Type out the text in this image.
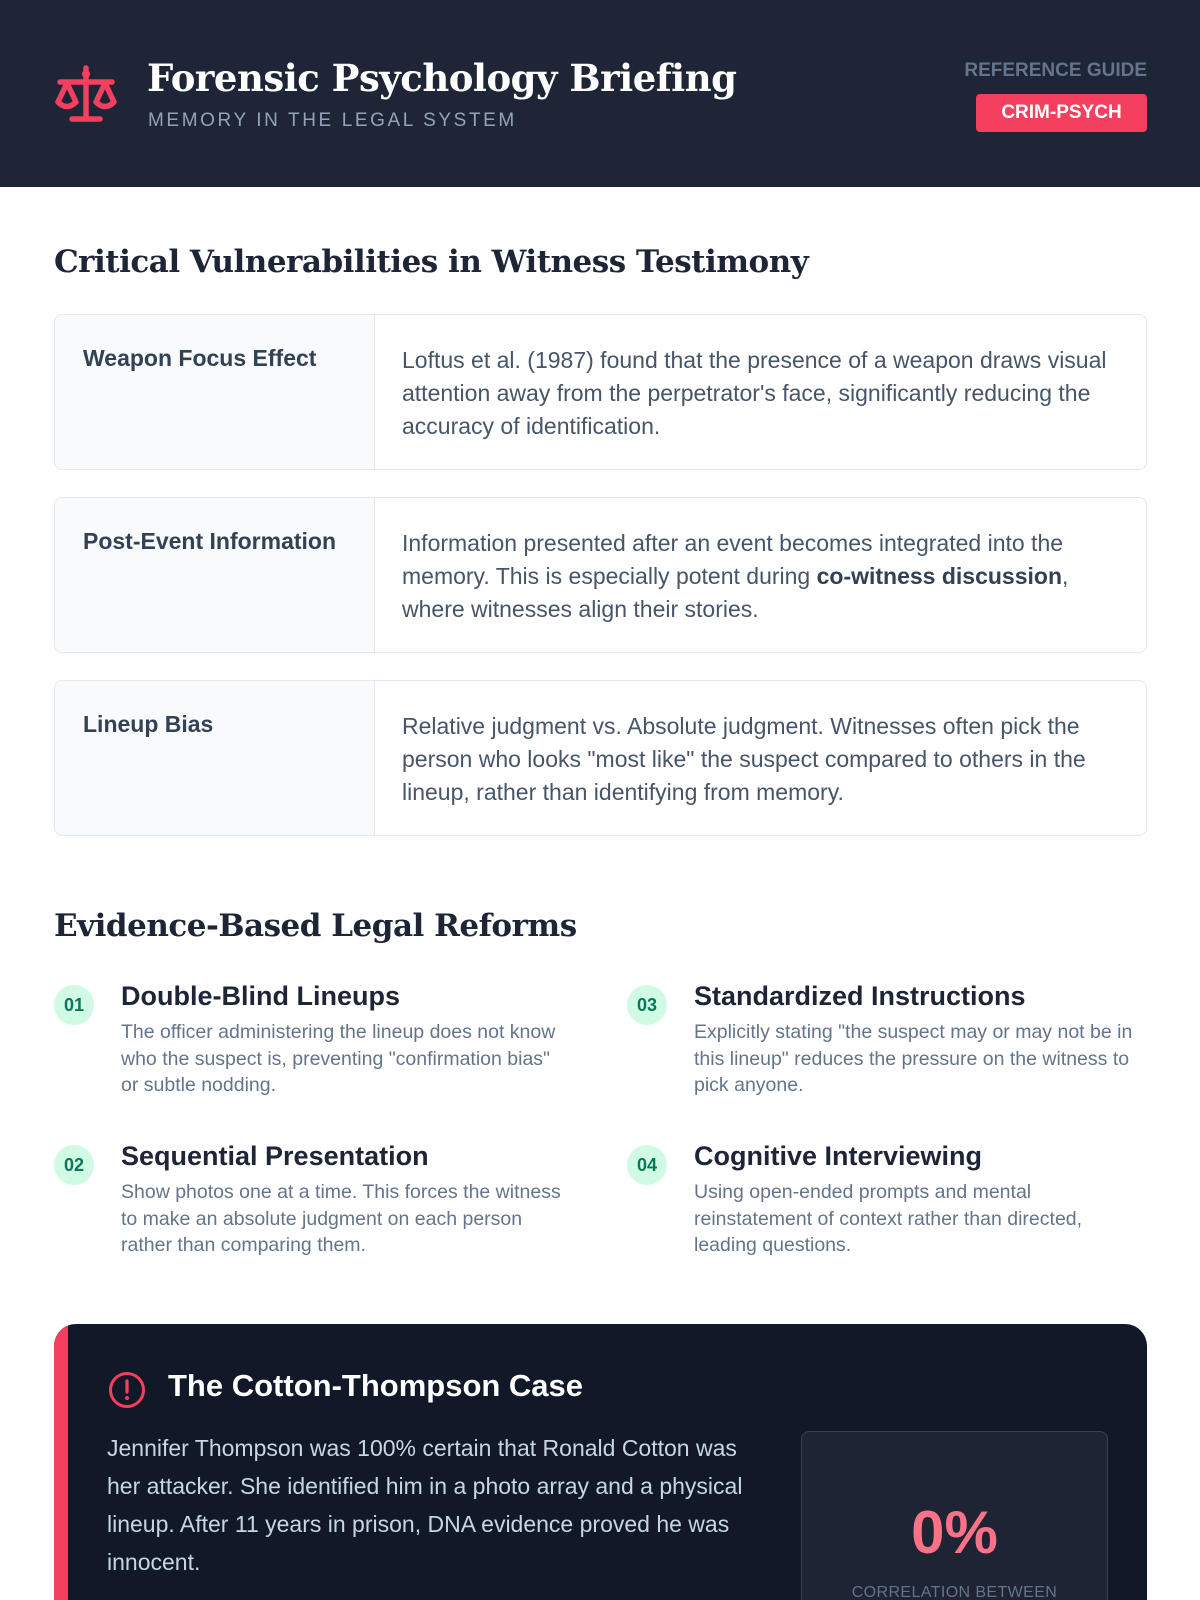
Forensic Psychology Briefing
MEMORY IN THE LEGAL SYSTEM
REFERENCE GUIDE
CRIM-PSYCH
Critical Vulnerabilities in Witness Testimony
Weapon Focus Effect	Loftus et al. (1987) found that the presence of a weapon draws visual attention away from the perpetrator's face, significantly reducing the accuracy of identification.
Post-Event Information	Information presented after an event becomes integrated into the memory. This is especially potent during co-witness discussion, where witnesses align their stories.
Lineup Bias	Relative judgment vs. Absolute judgment. Witnesses often pick the person who looks "most like" the suspect compared to others in the lineup, rather than identifying from memory.
Evidence-Based Legal Reforms
01	Double-Blind Lineups
The officer administering the lineup does not know who the suspect is, preventing "confirmation bias" or subtle nodding.
02	Sequential Presentation
Show photos one at a time. This forces the witness to make an absolute judgment on each person rather than comparing them.
03	Standardized Instructions
Explicitly stating "the suspect may or may not be in this lineup" reduces the pressure on the witness to pick anyone.
04	Cognitive Interviewing
Using open-ended prompts and mental reinstatement of context rather than directed, leading questions.
The Cotton-Thompson Case
Jennifer Thompson was 100% certain that Ronald Cotton was her attacker. She identified him in a photo array and a physical lineup. After 11 years in prison, DNA evidence proved he was innocent.	0%
CORRELATION BETWEEN
